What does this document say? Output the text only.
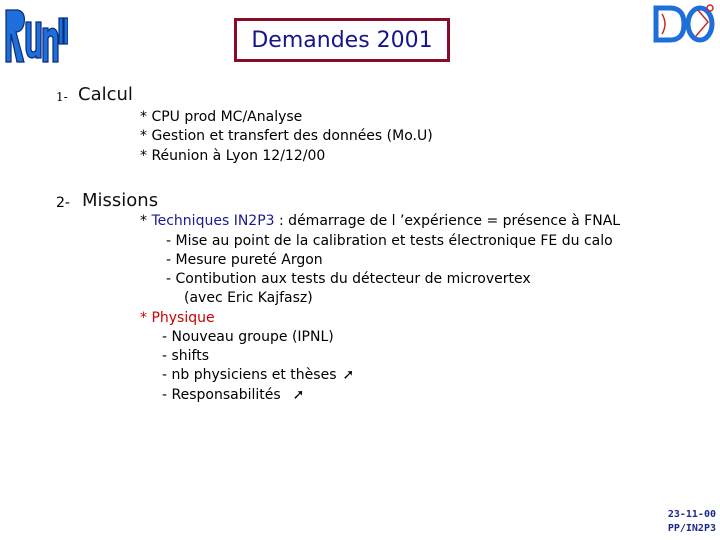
Demandes 2001
1- Calcul
* CPU prod MC/Analyse
* Gestion et transfert des données (Mo.U)
* Réunion à Lyon 12/12/00
2- Missions
* Techniques IN2P3 : démarrage de l ’expérience = présence à FNAL
- Mise au point de la calibration et tests électronique FE du calo
- Mesure pureté Argon
- Contibution aux tests du détecteur de microvertex
(avec Eric Kajfasz)
* Physique
- Nouveau groupe (IPNL)
- shifts
- nb physiciens et thèses ➚
- Responsabilités ➚
23-11-00
PP/IN2P3
